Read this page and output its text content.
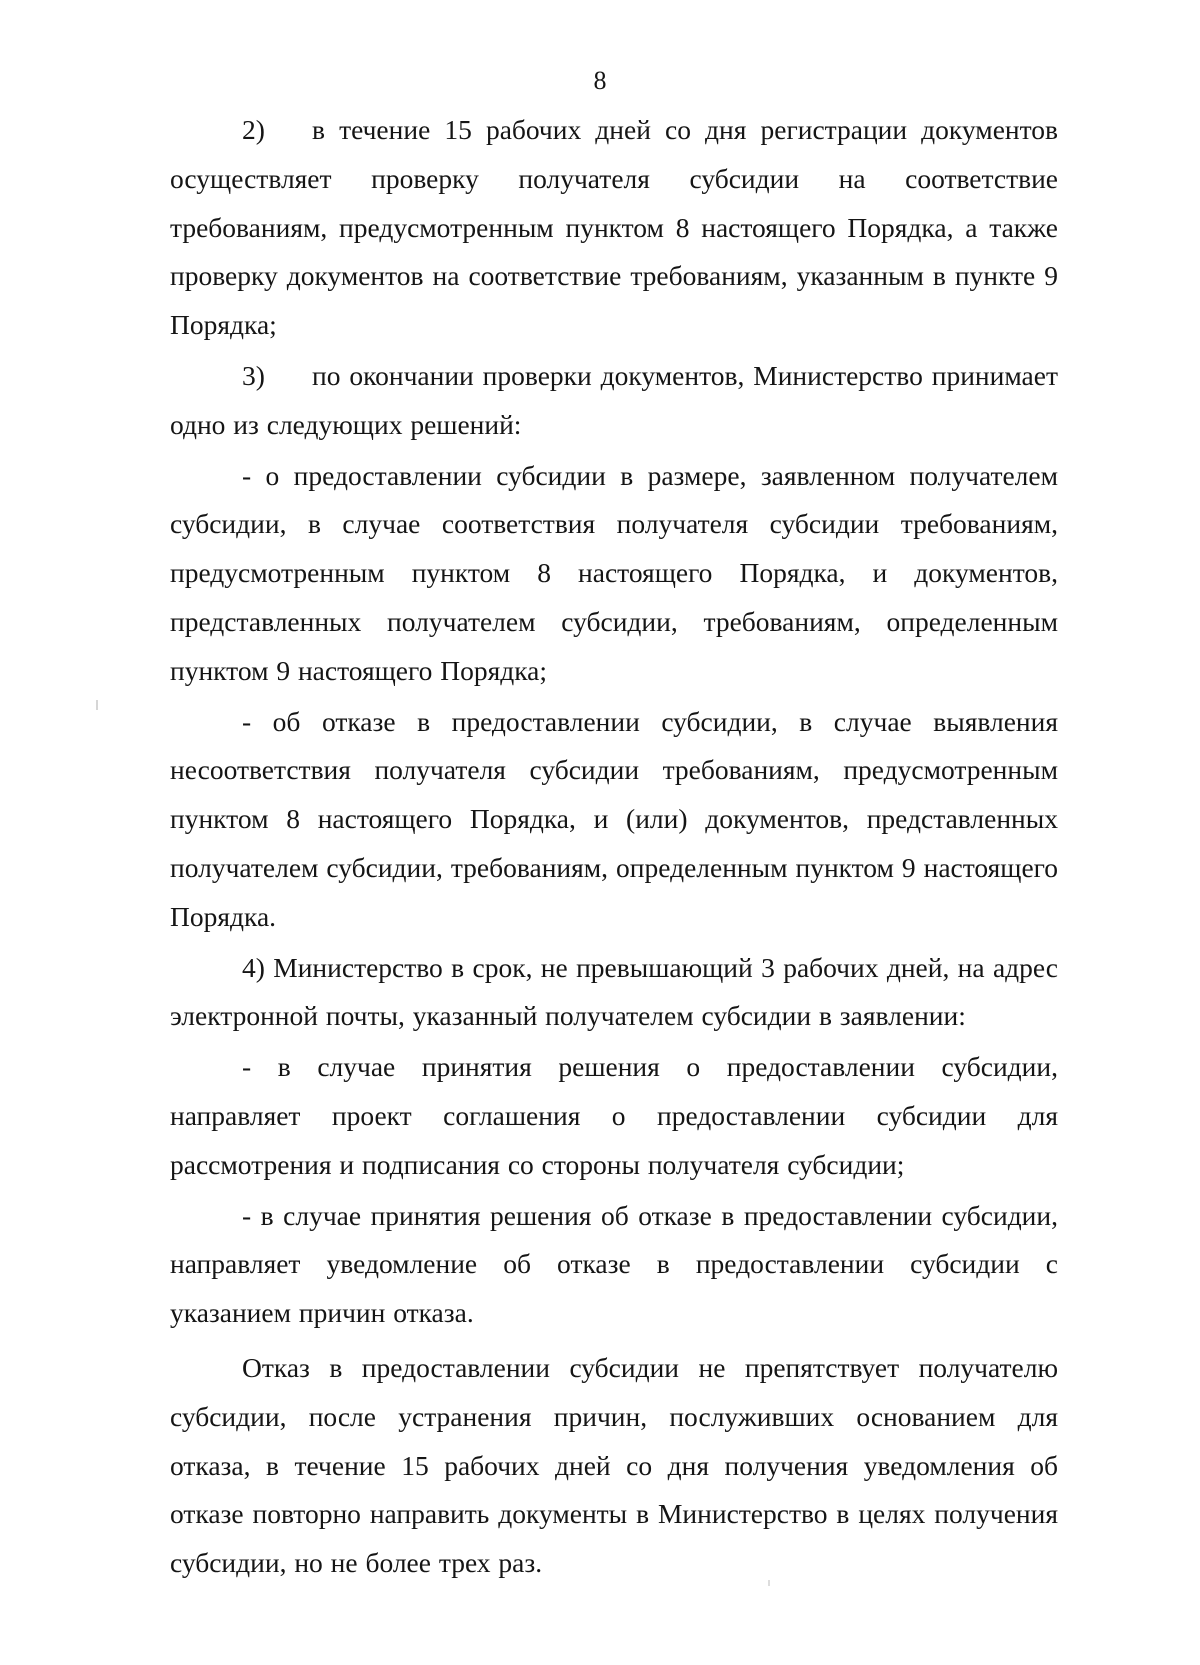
8

2) в течение 15 рабочих дней со дня регистрации документов осуществляет проверку получателя субсидии на соответствие требованиям, предусмотренным пунктом 8 настоящего Порядка, а также проверку документов на соответствие требованиям, указанным в пункте 9 Порядка;

3) по окончании проверки документов, Министерство принимает одно из следующих решений:

- о предоставлении субсидии в размере, заявленном получателем субсидии, в случае соответствия получателя субсидии требованиям, предусмотренным пунктом 8 настоящего Порядка, и документов, представленных получателем субсидии, требованиям, определенным пунктом 9 настоящего Порядка;

- об отказе в предоставлении субсидии, в случае выявления несоответствия получателя субсидии требованиям, предусмотренным пунктом 8 настоящего Порядка, и (или) документов, представленных получателем субсидии, требованиям, определенным пунктом 9 настоящего Порядка.

4) Министерство в срок, не превышающий 3 рабочих дней, на адрес электронной почты, указанный получателем субсидии в заявлении:

- в случае принятия решения о предоставлении субсидии, направляет проект соглашения о предоставлении субсидии для рассмотрения и подписания со стороны получателя субсидии;

- в случае принятия решения об отказе в предоставлении субсидии, направляет уведомление об отказе в предоставлении субсидии с указанием причин отказа.

Отказ в предоставлении субсидии не препятствует получателю субсидии, после устранения причин, послуживших основанием для отказа, в течение 15 рабочих дней со дня получения уведомления об отказе повторно направить документы в Министерство в целях получения субсидии, но не более трех раз.
